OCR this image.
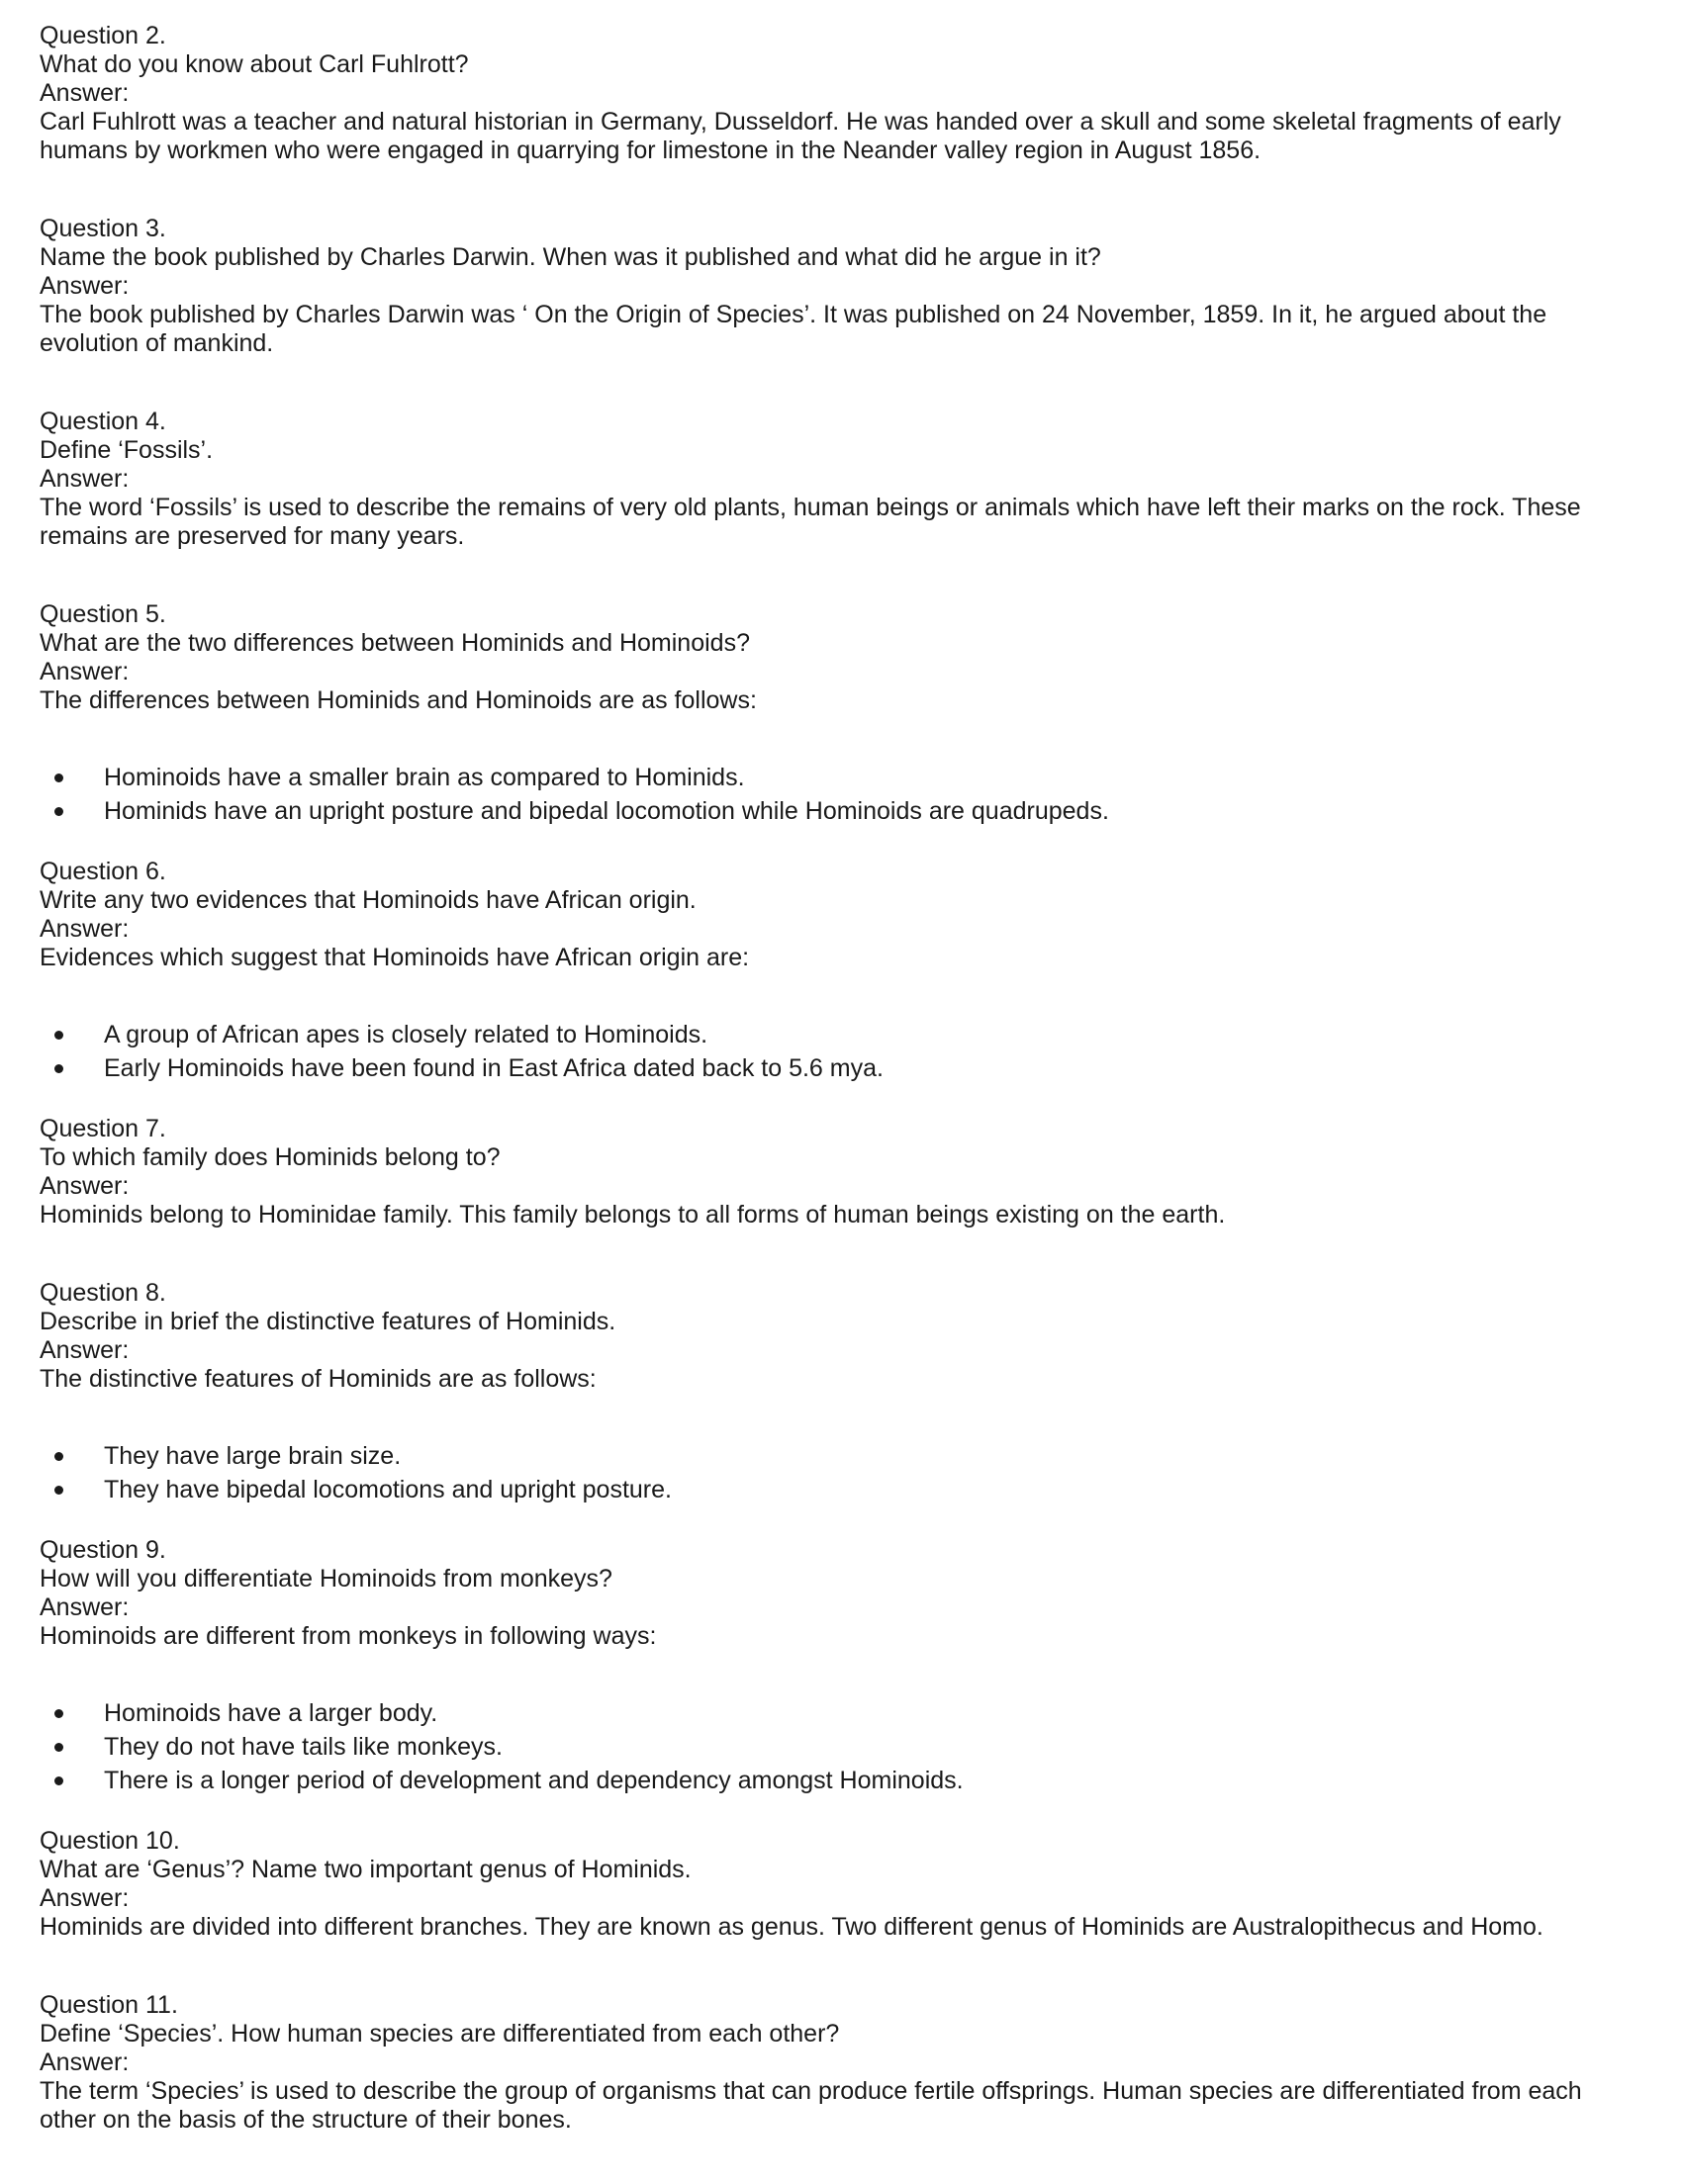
Question 2.
What do you know about Carl Fuhlrott?
Answer:
Carl Fuhlrott was a teacher and natural historian in Germany, Dusseldorf. He was handed over a skull and some skeletal fragments of early humans by workmen who were engaged in quarrying for limestone in the Neander valley region in August 1856.
Question 3.
Name the book published by Charles Darwin. When was it published and what did he argue in it?
Answer:
The book published by Charles Darwin was ‘ On the Origin of Species’. It was published on 24 November, 1859. In it, he argued about the evolution of mankind.
Question 4.
Define ‘Fossils’.
Answer:
The word ‘Fossils’ is used to describe the remains of very old plants, human beings or animals which have left their marks on the rock. These remains are preserved for many years.
Question 5.
What are the two differences between Hominids and Hominoids?
Answer:
The differences between Hominids and Hominoids are as follows:
Hominoids have a smaller brain as compared to Hominids.
Hominids have an upright posture and bipedal locomotion while Hominoids are quadrupeds.
Question 6.
Write any two evidences that Hominoids have African origin.
Answer:
Evidences which suggest that Hominoids have African origin are:
A group of African apes is closely related to Hominoids.
Early Hominoids have been found in East Africa dated back to 5.6 mya.
Question 7.
To which family does Hominids belong to?
Answer:
Hominids belong to Hominidae family. This family belongs to all forms of human beings existing on the earth.
Question 8.
Describe in brief the distinctive features of Hominids.
Answer:
The distinctive features of Hominids are as follows:
They have large brain size.
They have bipedal locomotions and upright posture.
Question 9.
How will you differentiate Hominoids from monkeys?
Answer:
Hominoids are different from monkeys in following ways:
Hominoids have a larger body.
They do not have tails like monkeys.
There is a longer period of development and dependency amongst Hominoids.
Question 10.
What are ‘Genus’? Name two important genus of Hominids.
Answer:
Hominids are divided into different branches. They are known as genus. Two different genus of Hominids are Australopithecus and Homo.
Question 11.
Define ‘Species’. How human species are differentiated from each other?
Answer:
The term ‘Species’ is used to describe the group of organisms that can produce fertile offsprings. Human species are differentiated from each other on the basis of the structure of their bones.
